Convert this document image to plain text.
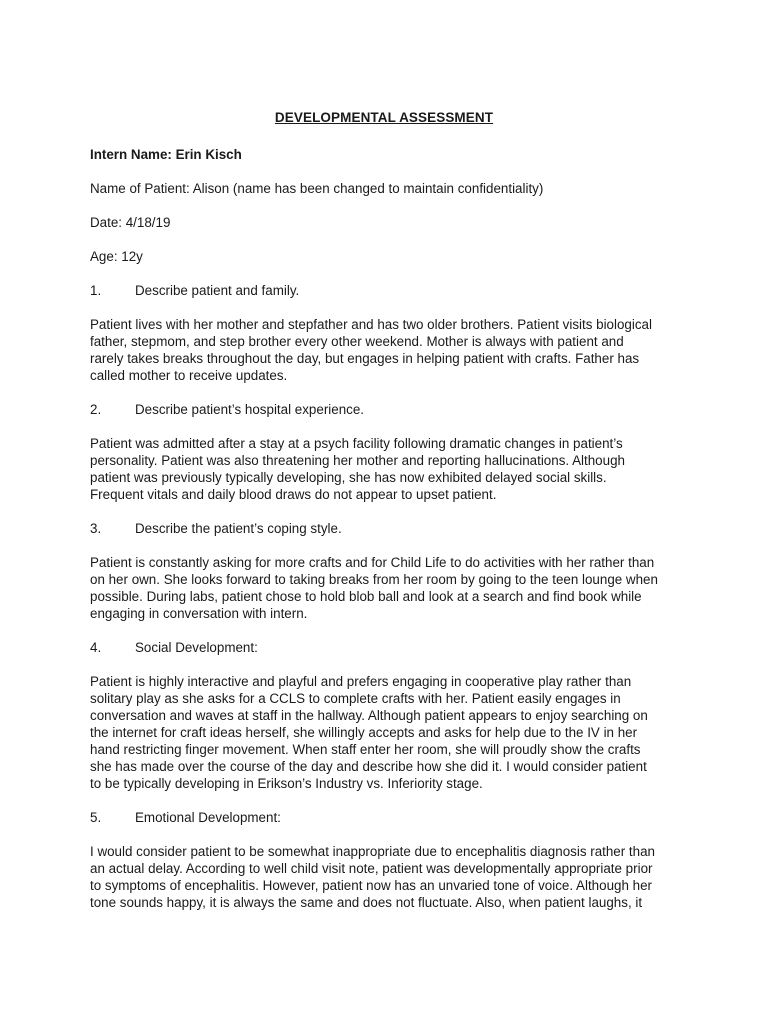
DEVELOPMENTAL ASSESSMENT

Intern Name: Erin Kisch

Name of Patient: Alison (name has been changed to maintain confidentiality)

Date: 4/18/19

Age: 12y

1.	Describe patient and family.

Patient lives with her mother and stepfather and has two older brothers. Patient visits biological
father, stepmom, and step brother every other weekend. Mother is always with patient and
rarely takes breaks throughout the day, but engages in helping patient with crafts. Father has
called mother to receive updates.

2.	Describe patient’s hospital experience.

Patient was admitted after a stay at a psych facility following dramatic changes in patient’s
personality. Patient was also threatening her mother and reporting hallucinations. Although
patient was previously typically developing, she has now exhibited delayed social skills.
Frequent vitals and daily blood draws do not appear to upset patient.

3.	Describe the patient’s coping style.

Patient is constantly asking for more crafts and for Child Life to do activities with her rather than
on her own. She looks forward to taking breaks from her room by going to the teen lounge when
possible. During labs, patient chose to hold blob ball and look at a search and find book while
engaging in conversation with intern.

4.	Social Development:

Patient is highly interactive and playful and prefers engaging in cooperative play rather than
solitary play as she asks for a CCLS to complete crafts with her. Patient easily engages in
conversation and waves at staff in the hallway. Although patient appears to enjoy searching on
the internet for craft ideas herself, she willingly accepts and asks for help due to the IV in her
hand restricting finger movement. When staff enter her room, she will proudly show the crafts
she has made over the course of the day and describe how she did it. I would consider patient
to be typically developing in Erikson’s Industry vs. Inferiority stage.

5.	Emotional Development:

I would consider patient to be somewhat inappropriate due to encephalitis diagnosis rather than
an actual delay. According to well child visit note, patient was developmentally appropriate prior
to symptoms of encephalitis. However, patient now has an unvaried tone of voice. Although her
tone sounds happy, it is always the same and does not fluctuate. Also, when patient laughs, it
